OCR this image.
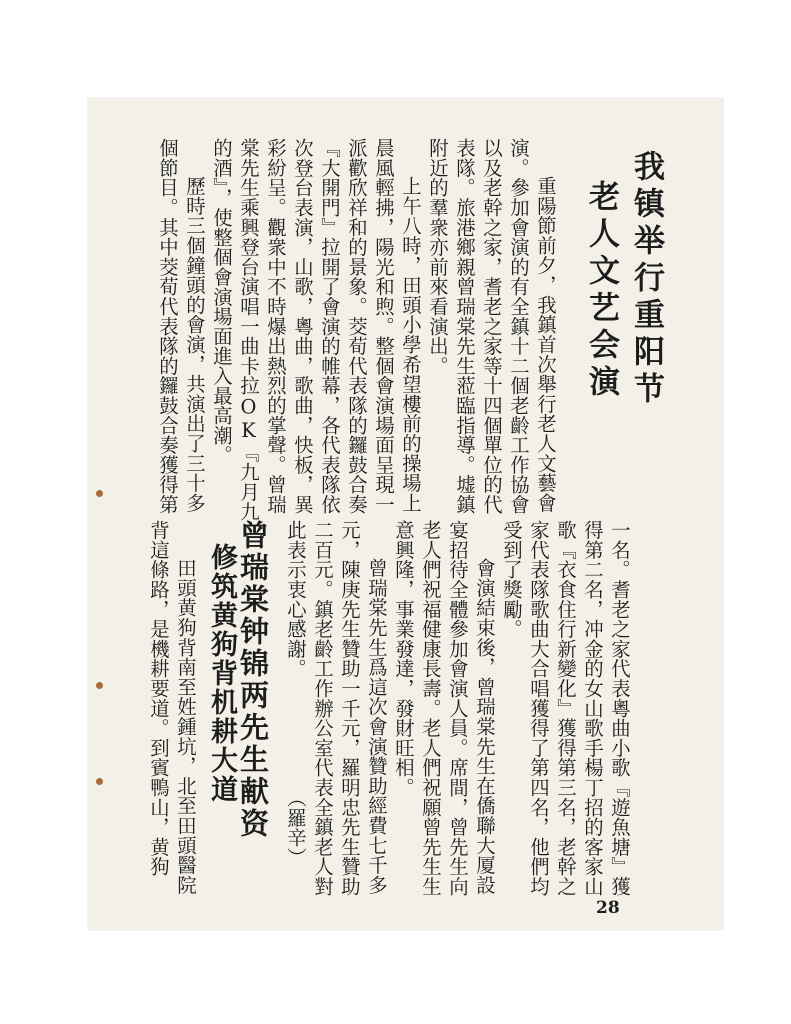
我镇举行重阳节
老人文艺会演
重陽節前夕，我鎮首次舉行老人文藝會
演。參加會演的有全鎮十二個老齡工作協會
以及老幹之家，耆老之家等十四個單位的代
表隊。旅港鄉親曾瑞棠先生蒞臨指導。墟鎮
附近的羣衆亦前來看演出。
上午八時，田頭小學希望樓前的操場上
晨風輕拂，陽光和煦。整個會演場面呈現一
派歡欣祥和的景象。茭荀代表隊的鑼鼓合奏
『大開門』拉開了會演的帷幕，各代表隊依
次登台表演，山歌，粵曲，歌曲，快板，異
彩紛呈。觀衆中不時爆出熱烈的掌聲。曾瑞
棠先生乘興登台演唱一曲卡拉OK『九月九
的酒』，使整個會演場面進入最高潮。
歷時三個鐘頭的會演，共演出了三十多
個節目。其中茭荀代表隊的鑼鼓合奏獲得第
一名。耆老之家代表粵曲小歌『遊魚塘』獲
得第二名，冲金的女山歌手楊丁招的客家山
歌『衣食住行新變化』獲得第三名，老幹之
家代表隊歌曲大合唱獲得了第四名，他們均
受到了獎勵。
會演結束後，曾瑞棠先生在僑聯大厦設
宴招待全體參加會演人員。席間，曾先生向
老人們祝福健康長壽。老人們祝願曾先生生
意興隆，事業發達，發財旺相。
曾瑞棠先生爲這次會演贊助經費七千多
元，陳庚先生贊助一千元，羅明忠先生贊助
二百元。鎮老齡工作辦公室代表全鎮老人對
此表示衷心感謝。
（羅辛）
曾瑞棠钟锦两先生献资
修筑黄狗背机耕大道
田頭黄狗背南至姓鍾坑，北至田頭醫院
背這條路，是機耕要道。到賓鴨山，黄狗
28
